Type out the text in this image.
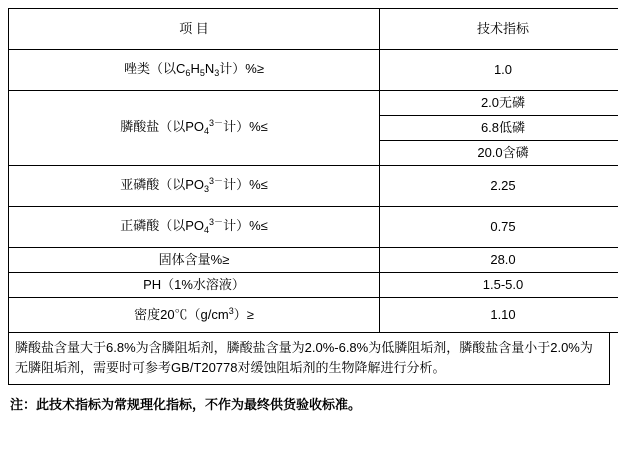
项 目	技术指标
唑类（以$C_6H_5N_3$计）%≥	1.0
膦酸盐（以$PO_4^{3-}$计）%≤	2.0无磷
	6.8低磷
	20.0含磷
亚磷酸（以$PO_3^{3-}$计）%≤	2.25
正磷酸（以$PO_4^{3-}$计）%≤	0.75
固体含量%≥	28.0
PH（1%水溶液）	1.5-5.0
密度$20℃(g/cm^3)\ge$	1.10
膦酸盐含量大于6.8%为含膦阻垢剂，膦酸盐含量为2.0%-6.8%为低膦阻垢剂，膦酸盐含量小于2.0%为无膦阻垢剂，需要时可参考GB/T20778对缓蚀阻垢剂的生物降解进行分析。
注：此技术指标为常规理化指标，不作为最终供货验收标准。
